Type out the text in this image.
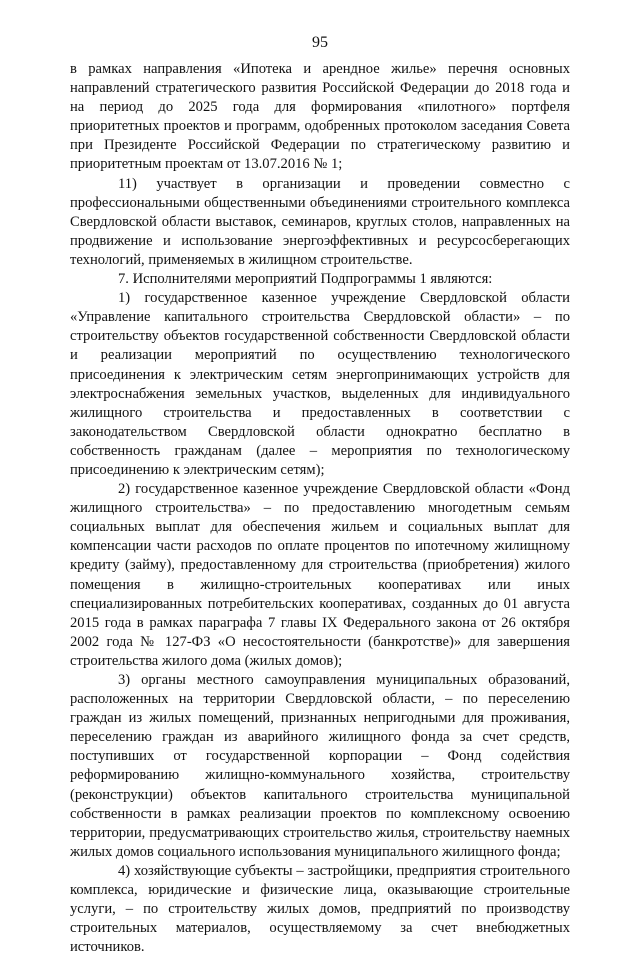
95

в рамках направления «Ипотека и арендное жилье» перечня основных направлений стратегического развития Российской Федерации до 2018 года и на период до 2025 года для формирования «пилотного» портфеля приоритетных проектов и программ, одобренных протоколом заседания Совета при Президенте Российской Федерации по стратегическому развитию и приоритетным проектам от 13.07.2016 № 1;

11) участвует в организации и проведении совместно с профессиональными общественными объединениями строительного комплекса Свердловской области выставок, семинаров, круглых столов, направленных на продвижение и использование энергоэффективных и ресурсосберегающих технологий, применяемых в жилищном строительстве.

7. Исполнителями мероприятий Подпрограммы 1 являются:

1) государственное казенное учреждение Свердловской области «Управление капитального строительства Свердловской области» – по строительству объектов государственной собственности Свердловской области и реализации мероприятий по осуществлению технологического присоединения к электрическим сетям энергопринимающих устройств для электроснабжения земельных участков, выделенных для индивидуального жилищного строительства и предоставленных в соответствии с законодательством Свердловской области однократно бесплатно в собственность гражданам (далее – мероприятия по технологическому присоединению к электрическим сетям);

2) государственное казенное учреждение Свердловской области «Фонд жилищного строительства» – по предоставлению многодетным семьям социальных выплат для обеспечения жильем и социальных выплат для компенсации части расходов по оплате процентов по ипотечному жилищному кредиту (займу), предоставленному для строительства (приобретения) жилого помещения в жилищно-строительных кооперативах или иных специализированных потребительских кооперативах, созданных до 01 августа 2015 года в рамках параграфа 7 главы IX Федерального закона от 26 октября 2002 года № 127-ФЗ «О несостоятельности (банкротстве)» для завершения строительства жилого дома (жилых домов);

3) органы местного самоуправления муниципальных образований, расположенных на территории Свердловской области, – по переселению граждан из жилых помещений, признанных непригодными для проживания, переселению граждан из аварийного жилищного фонда за счет средств, поступивших от государственной корпорации – Фонд содействия реформированию жилищно-коммунального хозяйства, строительству (реконструкции) объектов капитального строительства муниципальной собственности в рамках реализации проектов по комплексному освоению территории, предусматривающих строительство жилья, строительству наемных жилых домов социального использования муниципального жилищного фонда;

4) хозяйствующие субъекты – застройщики, предприятия строительного комплекса, юридические и физические лица, оказывающие строительные услуги, – по строительству жилых домов, предприятий по производству строительных материалов, осуществляемому за счет внебюджетных источников.
